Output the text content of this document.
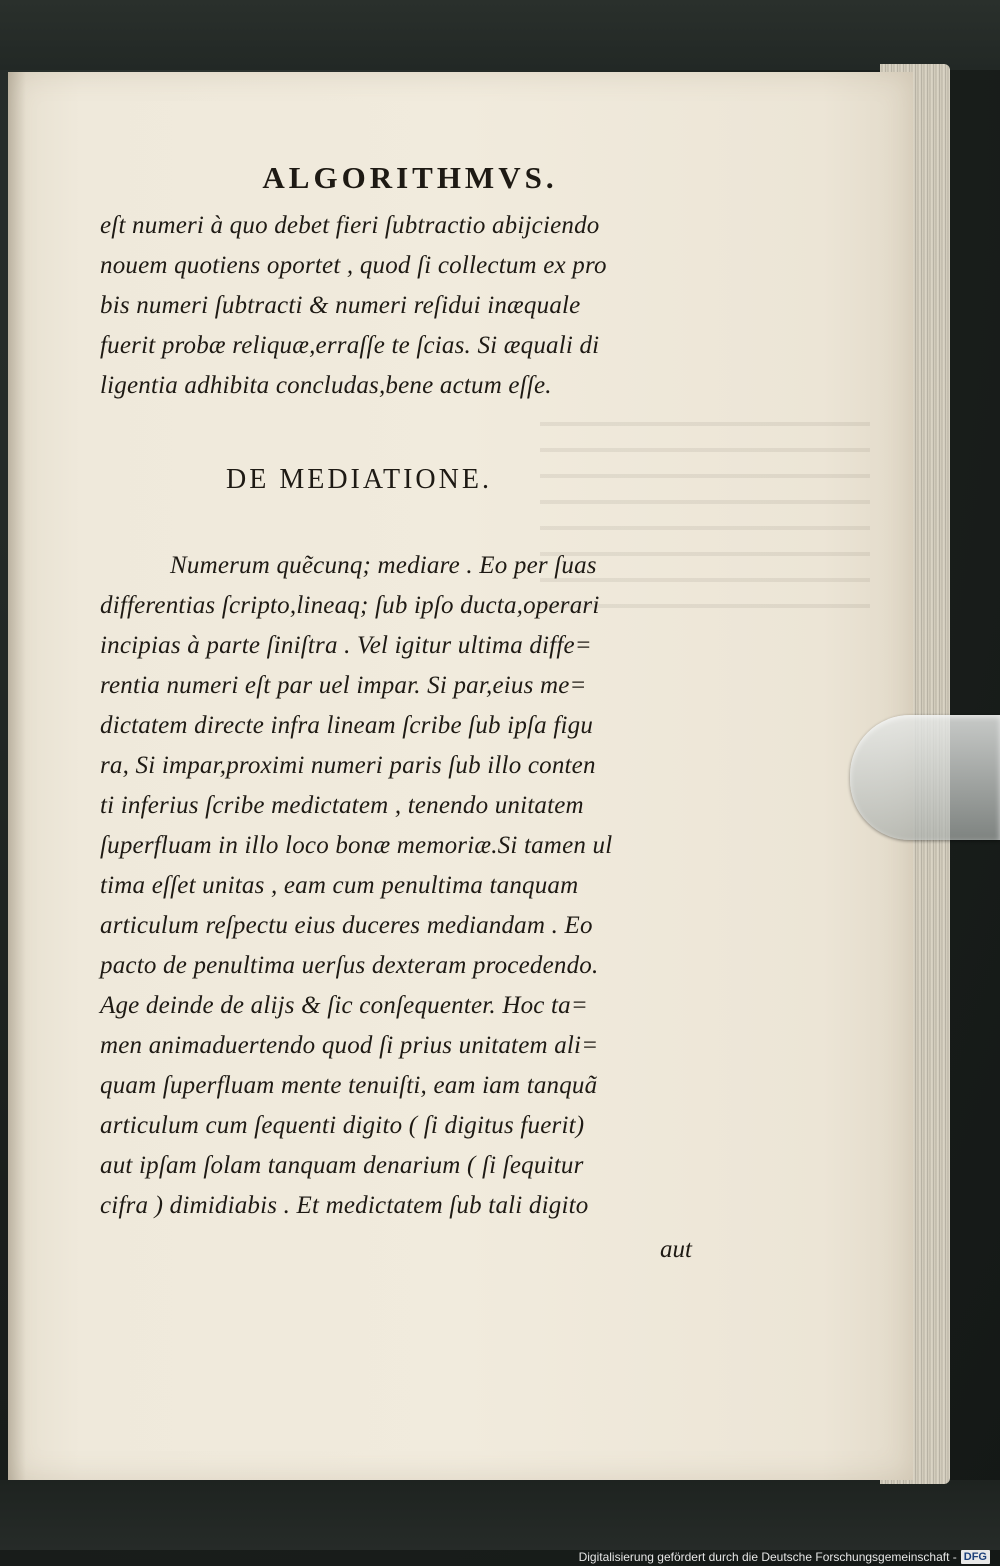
ALGORITHMVS.
eſt numeri à quo debet fieri ſubtractio abijciendo
nouem quotiens oportet , quod ſi collectum ex pro
bis numeri ſubtracti & numeri reſidui inæquale
fuerit probæ reliquæ,erraſſe te ſcias. Si æquali di
ligentia adhibita concludas,bene actum eſſe.
DE MEDIATIONE.
Numerum quẽcunq; mediare . Eo per ſuas
differentias ſcripto,lineaq; ſub ipſo ducta,operari
incipias à parte ſiniſtra . Vel igitur ultima diffe=
rentia numeri eſt par uel impar. Si par,eius me=
dictatem directe infra lineam ſcribe ſub ipſa figu
ra, Si impar,proximi numeri paris ſub illo conten
ti inferius ſcribe medictatem , tenendo unitatem
ſuperfluam in illo loco bonæ memoriæ.Si tamen ul
tima eſſet unitas , eam cum penultima tanquam
articulum reſpectu eius duceres mediandam . Eo
pacto de penultima uerſus dexteram procedendo.
Age deinde de alijs & ſic conſequenter. Hoc ta=
men animaduertendo quod ſi prius unitatem ali=
quam ſuperfluam mente tenuiſti, eam iam tanquã
articulum cum ſequenti digito ( ſi digitus fuerit)
aut ipſam ſolam tanquam denarium ( ſi ſequitur
cifra ) dimidiabis . Et medictatem ſub tali digito
aut
Digitalisierung gefördert durch die Deutsche Forschungsgemeinschaft - DFG
